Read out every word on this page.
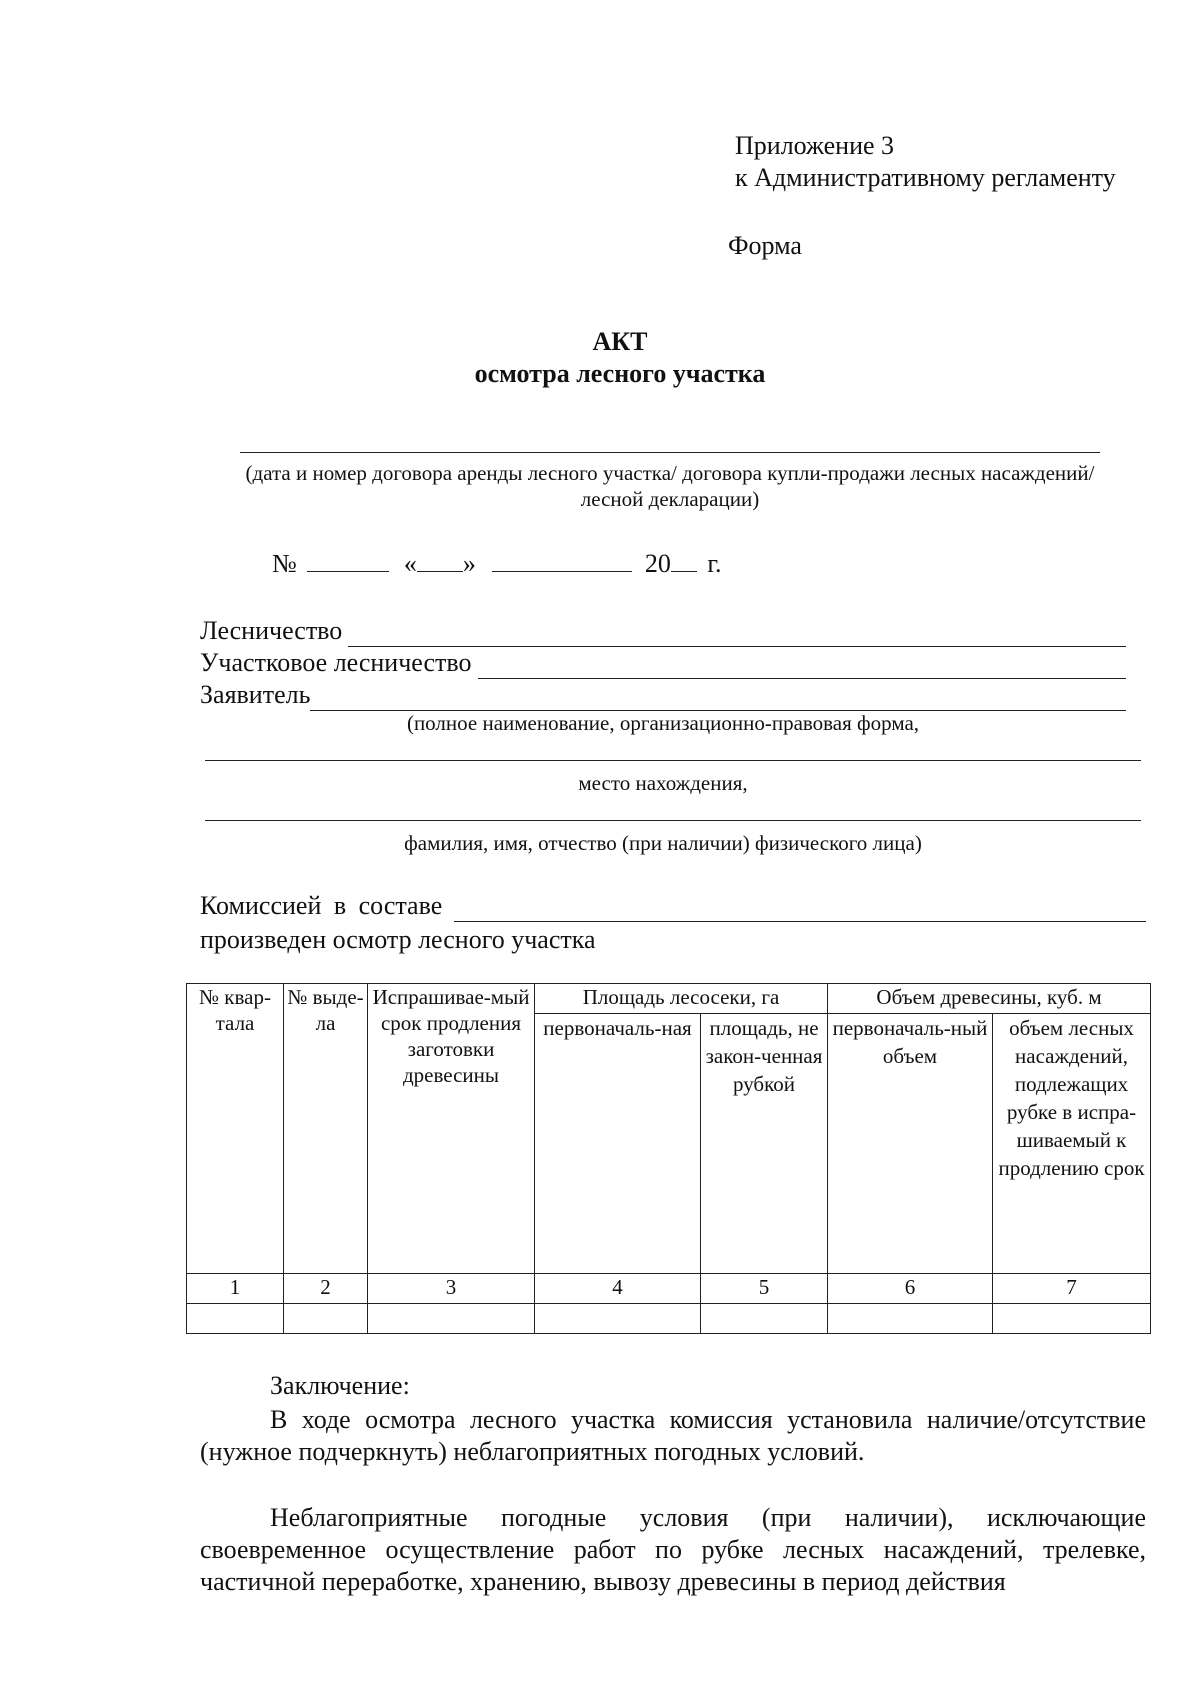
Приложение 3
к Административному регламенту
Форма
АКТ
осмотра лесного участка
(дата и номер договора аренды лесного участка/ договора купли-продажи лесных насаждений/ лесной декларации)
№	« »	20 г.
Лесничество
Участковое лесничество
Заявитель
(полное наименование, организационно-правовая форма,
место нахождения,
фамилия, имя, отчество (при наличии) физического лица)
Комиссией в составе
произведен осмотр лесного участка
№ квар-тала	№ выде-ла	Испрашивае-мый срок продления заготовки древесины	Площадь лесосеки, га		Объем древесины, куб. м	
			первоначаль-ная	площадь, не закон-ченная рубкой	первоначаль-ный объем	объем лесных насаждений, подлежащих рубке в испра-шиваемый к продлению срок
1	2	3	4	5	6	7

Заключение:
В ходе осмотра лесного участка комиссия установила наличие/отсутствие (нужное подчеркнуть) неблагоприятных погодных условий.
Неблагоприятные погодные условия (при наличии), исключающие своевременное осуществление работ по рубке лесных насаждений, трелевке, частичной переработке, хранению, вывозу древесины в период действия
